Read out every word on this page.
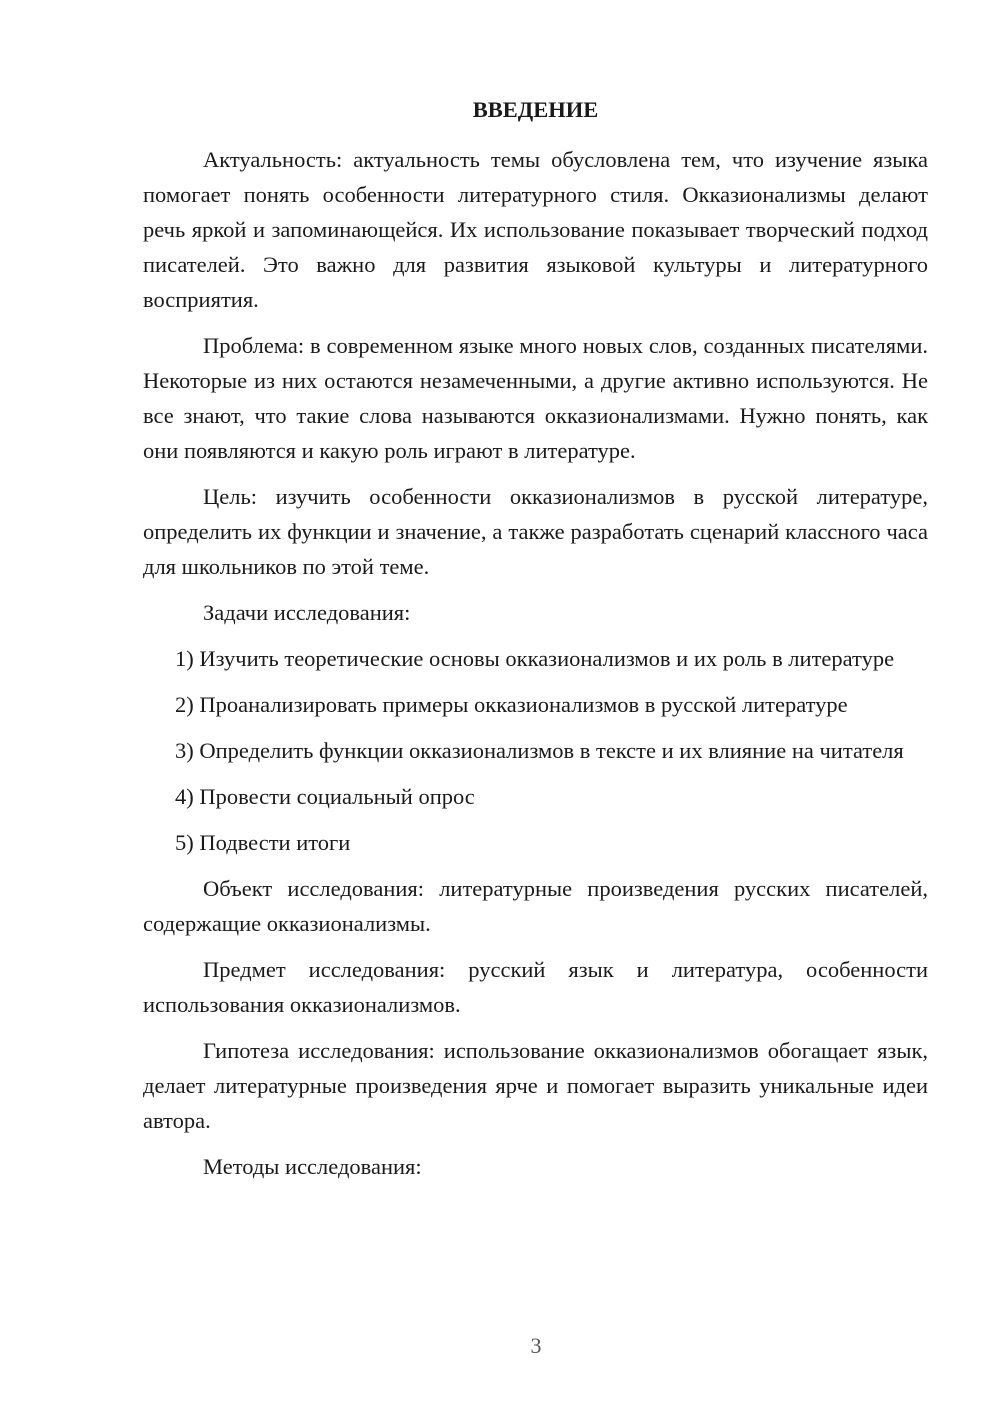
ВВЕДЕНИЕ

Актуальность: актуальность темы обусловлена тем, что изучение языка помогает понять особенности литературного стиля. Окказионализмы делают речь яркой и запоминающейся. Их использование показывает творческий подход писателей. Это важно для развития языковой культуры и литературного восприятия.

Проблема: в современном языке много новых слов, созданных писателями. Некоторые из них остаются незамеченными, а другие активно используются. Не все знают, что такие слова называются окказионализмами. Нужно понять, как они появляются и какую роль играют в литературе.

Цель: изучить особенности окказионализмов в русской литературе, определить их функции и значение, а также разработать сценарий классного часа для школьников по этой теме.

Задачи исследования:

1) Изучить теоретические основы окказионализмов и их роль в литературе

2) Проанализировать примеры окказионализмов в русской литературе

3) Определить функции окказионализмов в тексте и их влияние на читателя

4) Провести социальный опрос

5) Подвести итоги

Объект исследования: литературные произведения русских писателей, содержащие окказионализмы.

Предмет исследования: русский язык и литература, особенности использования окказионализмов.

Гипотеза исследования: использование окказионализмов обогащает язык, делает литературные произведения ярче и помогает выразить уникальные идеи автора.

Методы исследования:

3
